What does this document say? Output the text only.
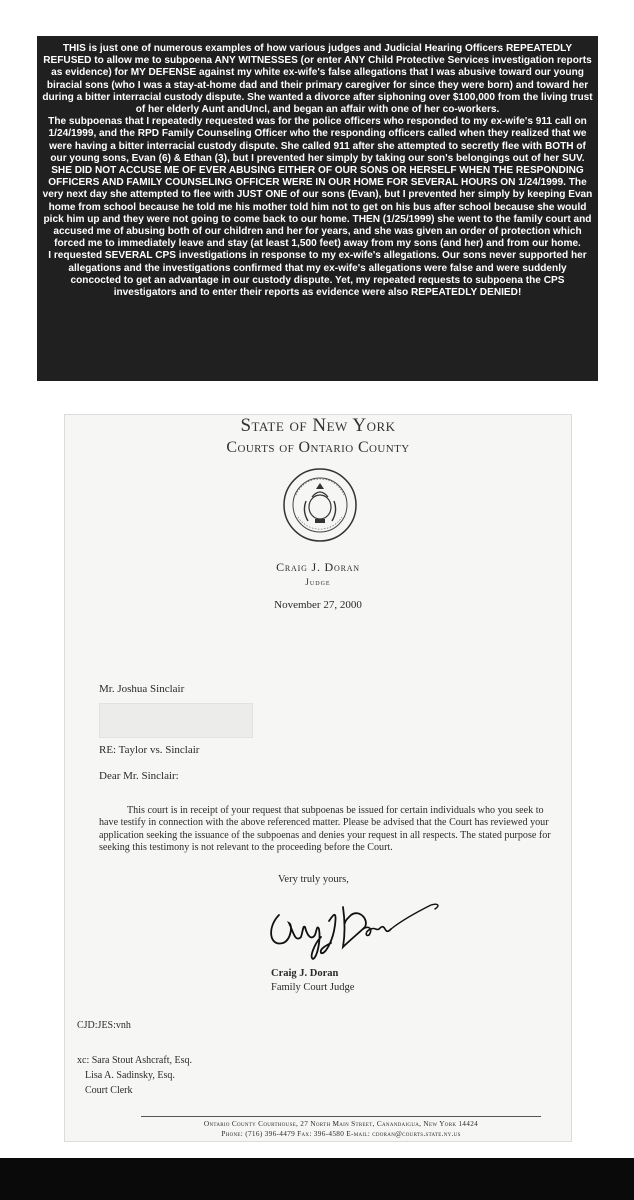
THIS is just one of numerous examples of how various judges and Judicial Hearing Officers REPEATEDLY REFUSED to allow me to subpoena ANY WITNESSES (or enter ANY Child Protective Services investigation reports as evidence) for MY DEFENSE against my white ex-wife's false allegations that I was abusive toward our young biracial sons (who I was a stay-at-home dad and their primary caregiver for since they were born) and toward her during a bitter interracial custody dispute. She wanted a divorce after siphoning over $100,000 from the living trust of her elderly Aunt andUncl, and began an affair with one of her co-workers.

The subpoenas that I repeatedly requested was for the police officers who responded to my ex-wife's 911 call on 1/24/1999, and the RPD Family Counseling Officer who the responding officers called when they realized that we were having a bitter interracial custody dispute. She called 911 after she attempted to secretly flee with BOTH of our young sons, Evan (6) & Ethan (3), but I prevented her simply by taking our son's belongings out of her SUV. SHE DID NOT ACCUSE ME OF EVER ABUSING EITHER OF OUR SONS OR HERSELF WHEN THE RESPONDING OFFICERS AND FAMILY COUNSELING OFFICER WERE IN OUR HOME FOR SEVERAL HOURS ON 1/24/1999. The very next day she attempted to flee with JUST ONE of our sons (Evan), but I prevented her simply by keeping Evan home from school because he told me his mother told him not to get on his bus after school because she would pick him up and they were not going to come back to our home. THEN (1/25/1999) she went to the family court and accused me of abusing both of our children and her for years, and she was given an order of protection which forced me to immediately leave and stay (at least 1,500 feet) away from my sons (and her) and from our home.

I requested SEVERAL CPS investigations in response to my ex-wife's allegations. Our sons never supported her allegations and the investigations confirmed that my ex-wife's allegations were false and were suddenly concocted to get an advantage in our custody dispute. Yet, my repeated requests to subpoena the CPS investigators and to enter their reports as evidence were also REPEATEDLY DENIED!

State of New York
Courts of Ontario County
Craig J. Doran
Judge
November 27, 2000
Mr. Joshua Sinclair
RE: Taylor vs. Sinclair
Dear Mr. Sinclair:

This court is in receipt of your request that subpoenas be issued for certain individuals who you seek to have testify in connection with the above referenced matter. Please be advised that the Court has reviewed your application seeking the issuance of the subpoenas and denies your request in all respects. The stated purpose for seeking this testimony is not relevant to the proceeding before the Court.

Very truly yours,
Craig J. Doran
Family Court Judge
CJD:JES:vnh
xc: Sara Stout Ashcraft, Esq.
Lisa A. Sadinsky, Esq.
Court Clerk
Ontario County Courthouse, 27 North Main Street, Canandaigua, New York 14424
Phone: (716) 396-4479 Fax: 396-4580 E-mail: cdoran@courts.state.ny.us
